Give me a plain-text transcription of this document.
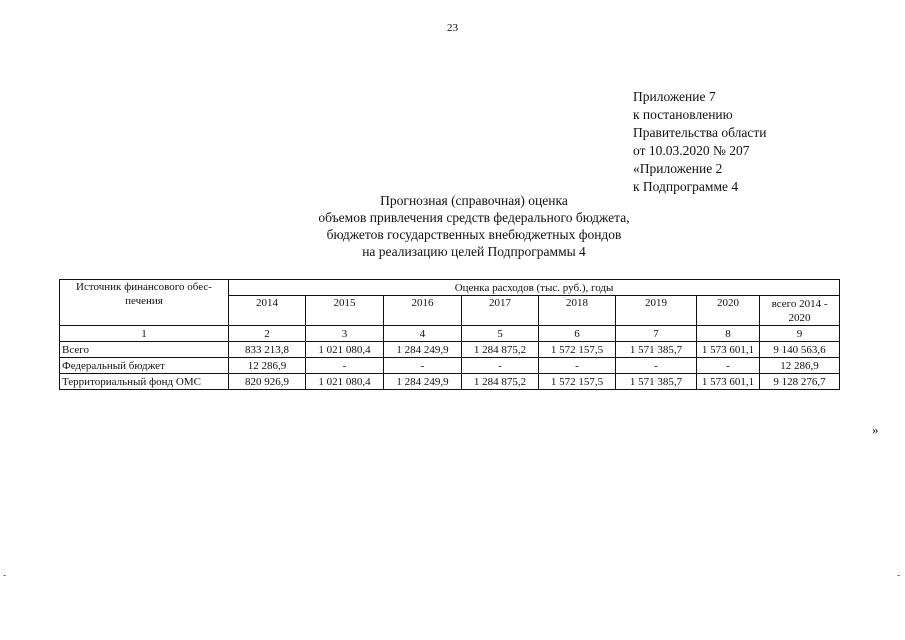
23
Приложение 7
к постановлению
Правительства области
от 10.03.2020 № 207
«Приложение 2
к Подпрограмме 4
Прогнозная (справочная) оценка
объемов привлечения средств федерального бюджета,
бюджетов государственных внебюджетных фондов
на реализацию целей Подпрограммы 4
Источник финансового обес-печения	Оценка расходов (тыс. руб.), годы							
	2014	2015	2016	2017	2018	2019	2020	всего 2014 - 2020
1	2	3	4	5	6	7	8	9
Всего	833 213,8	1 021 080,4	1 284 249,9	1 284 875,2	1 572 157,5	1 571 385,7	1 573 601,1	9 140 563,6
Федеральный бюджет	12 286,9	-	-	-	-	-	-	12 286,9
Территориальный фонд ОМС	820 926,9	1 021 080,4	1 284 249,9	1 284 875,2	1 572 157,5	1 571 385,7	1 573 601,1	9 128 276,7
»
-	-
